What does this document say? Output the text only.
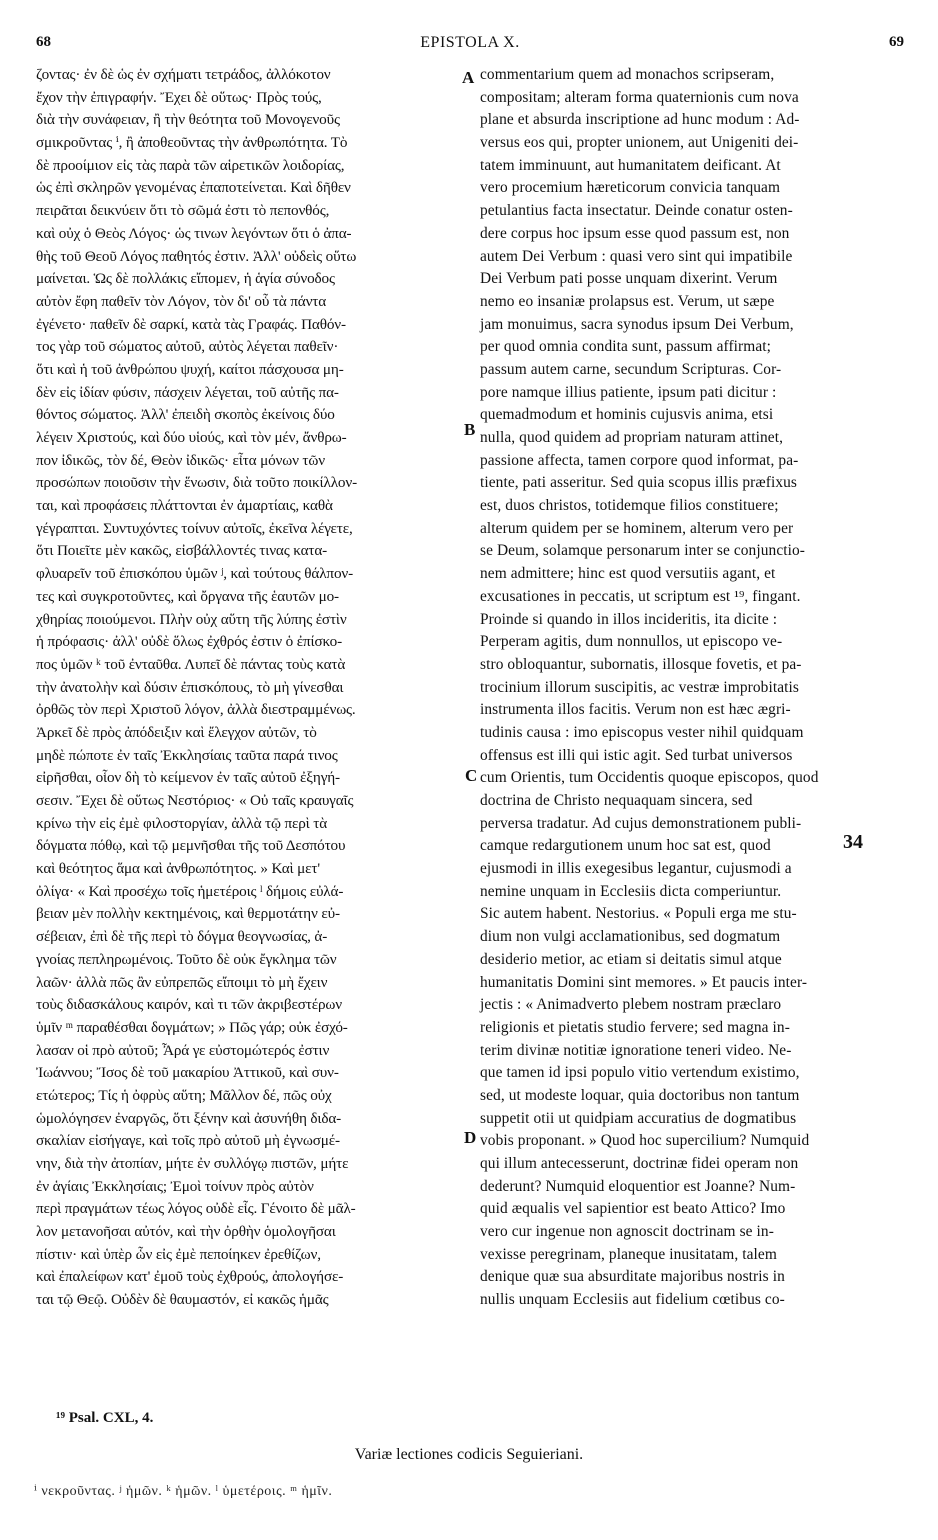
68	EPISTOLA X.	69
ζοντας· ἐν δὲ ὡς ἐν σχήματι τετράδος, ἀλλόκοτον
ἔχον τὴν ἐπιγραφήν. Ἔχει δὲ οὕτως· Πρὸς τούς,
διὰ τὴν συνάφειαν, ἢ τὴν θεότητα τοῦ Μονογενοῦς
σμικροῦντας ⁱ, ἢ ἀποθεοῦντας τὴν ἀνθρωπότητα. Τὸ
δὲ προοίμιον εἰς τὰς παρὰ τῶν αἱρετικῶν λοιδορίας,
ὡς ἐπὶ σκληρῶν γενομένας ἐπαποτείνεται. Καὶ δῆθεν
πειρᾶται δεικνύειν ὅτι τὸ σῶμά ἐστι τὸ πεπονθός,
καὶ οὐχ ὁ Θεὸς Λόγος· ὡς τινων λεγόντων ὅτι ὁ ἀπα-
θὴς τοῦ Θεοῦ Λόγος παθητός ἐστιν. Ἀλλ' οὐδεὶς οὕτω
μαίνεται. Ὡς δὲ πολλάκις εἴπομεν, ἡ ἁγία σύνοδος
αὐτὸν ἔφη παθεῖν τὸν Λόγον, τὸν δι' οὗ τὰ πάντα
ἐγένετο· παθεῖν δὲ σαρκί, κατὰ τὰς Γραφάς. Παθόν-
τος γὰρ τοῦ σώματος αὐτοῦ, αὐτὸς λέγεται παθεῖν·
ὅτι καὶ ἡ τοῦ ἀνθρώπου ψυχή, καίτοι πάσχουσα μη-
δὲν εἰς ἰδίαν φύσιν, πάσχειν λέγεται, τοῦ αὐτῆς πα-
θόντος σώματος. Ἀλλ' ἐπειδὴ σκοπὸς ἐκείνοις δύο
λέγειν Χριστούς, καὶ δύο υἱούς, καὶ τὸν μέν, ἄνθρω-
πον ἰδικῶς, τὸν δέ, Θεὸν ἰδικῶς· εἶτα μόνων τῶν
προσώπων ποιοῦσιν τὴν ἕνωσιν, διὰ τοῦτο ποικίλλον-
ται, καὶ προφάσεις πλάττονται ἐν ἁμαρτίαις, καθὰ
γέγραπται. Συντυχόντες τοίνυν αὐτοῖς, ἐκεῖνα λέγετε,
ὅτι Ποιεῖτε μὲν κακῶς, εἰσβάλλοντές τινας κατα-
φλυαρεῖν τοῦ ἐπισκόπου ὑμῶν ʲ, καὶ τούτους θάλπον-
τες καὶ συγκροτοῦντες, καὶ ὄργανα τῆς ἑαυτῶν μο-
χθηρίας ποιούμενοι. Πλὴν οὐχ αὕτη τῆς λύπης ἐστὶν
ἡ πρόφασις· ἀλλ' οὐδὲ ὅλως ἐχθρός ἐστιν ὁ ἐπίσκο-
πος ὑμῶν ᵏ τοῦ ἐνταῦθα. Λυπεῖ δὲ πάντας τοὺς κατὰ
τὴν ἀνατολὴν καὶ δύσιν ἐπισκόπους, τὸ μὴ γίνεσθαι
ὀρθῶς τὸν περὶ Χριστοῦ λόγον, ἀλλὰ διεστραμμένως.
Ἀρκεῖ δὲ πρὸς ἀπόδειξιν καὶ ἔλεγχον αὐτῶν, τὸ
μηδὲ πώποτε ἐν ταῖς Ἐκκλησίαις ταῦτα παρά τινος
εἰρῆσθαι, οἷον δὴ τὸ κείμενον ἐν ταῖς αὐτοῦ ἐξηγή-
σεσιν. Ἔχει δὲ οὕτως Νεστόριος· « Οὐ ταῖς κραυγαῖς
κρίνω τὴν εἰς ἐμὲ φιλοστοργίαν, ἀλλὰ τῷ περὶ τὰ
δόγματα πόθῳ, καὶ τῷ μεμνῆσθαι τῆς τοῦ Δεσπότου
καὶ θεότητος ἅμα καὶ ἀνθρωπότητος. » Καὶ μετ'
ὀλίγα· « Καὶ προσέχω τοῖς ἡμετέροις ˡ δήμοις εὐλά-
βειαν μὲν πολλὴν κεκτημένοις, καὶ θερμοτάτην εὐ-
σέβειαν, ἐπὶ δὲ τῆς περὶ τὸ δόγμα θεογνωσίας, ἀ-
γνοίας πεπληρωμένοις. Τοῦτο δὲ οὐκ ἔγκλημα τῶν
λαῶν· ἀλλὰ πῶς ἂν εὐπρεπῶς εἴποιμι τὸ μὴ ἔχειν
τοὺς διδασκάλους καιρόν, καὶ τι τῶν ἀκριβεστέρων
ὑμῖν ᵐ παραθέσθαι δογμάτων; » Πῶς γάρ; οὐκ ἐσχό-
λασαν οἱ πρὸ αὐτοῦ; Ἆρά γε εὐστομώτερός ἐστιν
Ἰωάννου; Ἴσος δὲ τοῦ μακαρίου Ἀττικοῦ, καὶ συν-
ετώτερος; Τίς ἡ ὀφρὺς αὕτη; Μᾶλλον δέ, πῶς οὐχ
ὡμολόγησεν ἐναργῶς, ὅτι ξένην καὶ ἀσυνήθη διδα-
σκαλίαν εἰσήγαγε, καὶ τοῖς πρὸ αὐτοῦ μὴ ἐγνωσμέ-
νην, διὰ τὴν ἀτοπίαν, μήτε ἐν συλλόγῳ πιστῶν, μήτε
ἐν ἁγίαις Ἐκκλησίαις; Ἐμοὶ τοίνυν πρὸς αὐτὸν
περὶ πραγμάτων τέως λόγος οὐδὲ εἷς. Γένοιτο δὲ μᾶλ-
λον μετανοῆσαι αὐτόν, καὶ τὴν ὀρθὴν ὁμολογῆσαι
πίστιν· καὶ ὑπὲρ ὧν εἰς ἐμὲ πεποίηκεν ἐρεθίζων,
καὶ ἐπαλείφων κατ' ἐμοῦ τοὺς ἐχθρούς, ἀπολογήσε-
ται τῷ Θεῷ. Οὐδὲν δὲ θαυμαστόν, εἰ κακῶς ἡμᾶς
commentarium quem ad monachos scripseram,
compositam; alteram forma quaternionis cum nova
plane et absurda inscriptione ad hunc modum : Ad-
versus eos qui, propter unionem, aut Unigeniti dei-
tatem imminuunt, aut humanitatem deificant. At
vero procemium hæreticorum convicia tanquam
petulantius facta insectatur. Deinde conatur osten-
dere corpus hoc ipsum esse quod passum est, non
autem Dei Verbum : quasi vero sint qui impatibile
Dei Verbum pati posse unquam dixerint. Verum
nemo eo insaniæ prolapsus est. Verum, ut sæpe
jam monuimus, sacra synodus ipsum Dei Verbum,
per quod omnia condita sunt, passum affirmat;
passum autem carne, secundum Scripturas. Cor-
pore namque illius patiente, ipsum pati dicitur :
quemadmodum et hominis cujusvis anima, etsi
nulla, quod quidem ad propriam naturam attinet,
passione affecta, tamen corpore quod informat, pa-
tiente, pati asseritur. Sed quia scopus illis præfixus
est, duos christos, totidemque filios constituere;
alterum quidem per se hominem, alterum vero per
se Deum, solamque personarum inter se conjunctio-
nem admittere; hinc est quod versutiis agant, et
excusationes in peccatis, ut scriptum est ¹⁹, fingant.
Proinde si quando in illos incideritis, ita dicite :
Perperam agitis, dum nonnullos, ut episcopo ve-
stro obloquantur, subornatis, illosque fovetis, et pa-
trocinium illorum suscipitis, ac vestræ improbitatis
instrumenta illos facitis. Verum non est hæc ægri-
tudinis causa : imo episcopus vester nihil quidquam
offensus est illi qui istic agit. Sed turbat universos
cum Orientis, tum Occidentis quoque episcopos, quod
doctrina de Christo nequaquam sincera, sed
perversa tradatur. Ad cujus demonstrationem publi-
camque redargutionem unum hoc sat est, quod
ejusmodi in illis exegesibus legantur, cujusmodi a
nemine unquam in Ecclesiis dicta comperiuntur.
Sic autem habent. Nestorius. « Populi erga me stu-
dium non vulgi acclamationibus, sed dogmatum
desiderio metior, ac etiam si deitatis simul atque
humanitatis Domini sint memores. » Et paucis inter-
jectis : « Animadverto plebem nostram præclaro
religionis et pietatis studio fervere; sed magna in-
terim divinæ notitiæ ignoratione teneri video. Ne-
que tamen id ipsi populo vitio vertendum existimo,
sed, ut modeste loquar, quia doctoribus non tantum
suppetit otii ut quidpiam accuratius de dogmatibus
vobis proponant. » Quod hoc supercilium? Numquid
qui illum antecesserunt, doctrinæ fidei operam non
dederunt? Numquid eloquentior est Joanne? Num-
quid æqualis vel sapientior est beato Attico? Imo
vero cur ingenue non agnoscit doctrinam se in-
vexisse peregrinam, planeque inusitatam, talem
denique quæ sua absurditate majoribus nostris in
nullis unquam Ecclesiis aut fidelium cœtibus co-
A
B
C
D
34
¹⁹ Psal. CXL, 4.
Variæ lectiones codicis Seguieriani.
ⁱ νεκροῦντας. ʲ ἡμῶν. ᵏ ἡμῶν. ˡ ὑμετέροις. ᵐ ἡμῖν.
